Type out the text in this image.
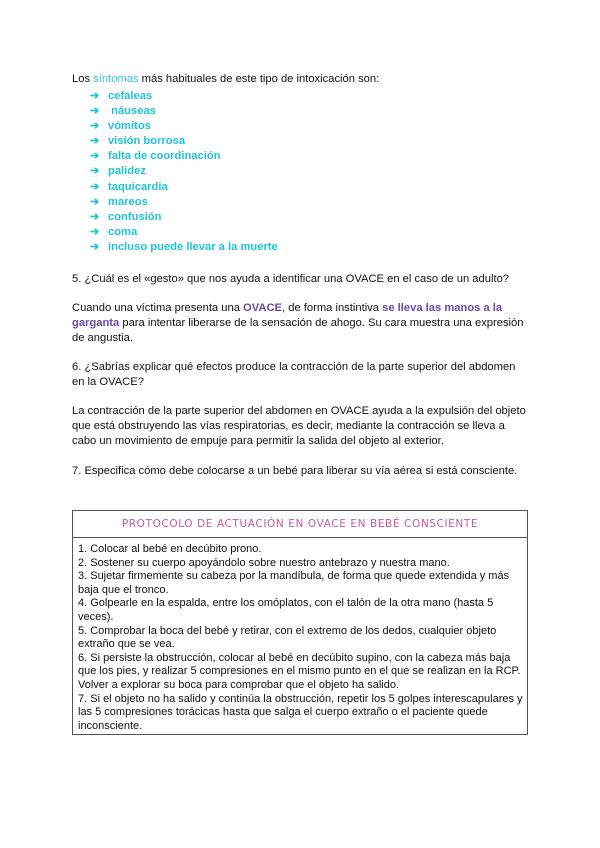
Los síntomas más habituales de este tipo de intoxicación son:

➔ cefaleas
➔ náuseas
➔ vómitos
➔ visión borrosa
➔ falta de coordinación
➔ palidez
➔ taquicardia
➔ mareos
➔ confusión
➔ coma
➔ incluso puede llevar a la muerte

5. ¿Cuál es el «gesto» que nos ayuda a identificar una OVACE en el caso de un adulto?

Cuando una víctima presenta una OVACE, de forma instintiva se lleva las manos a la garganta para intentar liberarse de la sensación de ahogo. Su cara muestra una expresión de angustia.

6. ¿Sabrías explicar qué efectos produce la contracción de la parte superior del abdomen en la OVACE?

La contracción de la parte superior del abdomen en OVACE ayuda a la expulsión del objeto que está obstruyendo las vías respiratorias, es decir, mediante la contracción se lleva a cabo un movimiento de empuje para permitir la salida del objeto al exterior.

7. Especifica cómo debe colocarse a un bebé para liberar su vía aérea si está consciente.

PROTOCOLO DE ACTUACIÓN EN OVACE EN BEBÉ CONSCIENTE

1. Colocar al bebé en decúbito prono.

2. Sostener su cuerpo apoyándolo sobre nuestro antebrazo y nuestra mano.

3. Sujetar firmemente su cabeza por la mandíbula, de forma que quede extendida y más baja que el tronco.

4. Golpearle en la espalda, entre los omóplatos, con el talón de la otra mano (hasta 5 veces).

5. Comprobar la boca del bebé y retirar, con el extremo de los dedos, cualquier objeto extraño que se vea.

6. Si persiste la obstrucción, colocar al bebé en decúbito supino, con la cabeza más baja que los pies, y realizar 5 compresiones en el mismo punto en el que se realizan en la RCP. Volver a explorar su boca para comprobar que el objeto ha salido.

7. Si el objeto no ha salido y continúa la obstrucción, repetir los 5 golpes interescapulares y las 5 compresiones torácicas hasta que salga el cuerpo extraño o el paciente quede inconsciente.
